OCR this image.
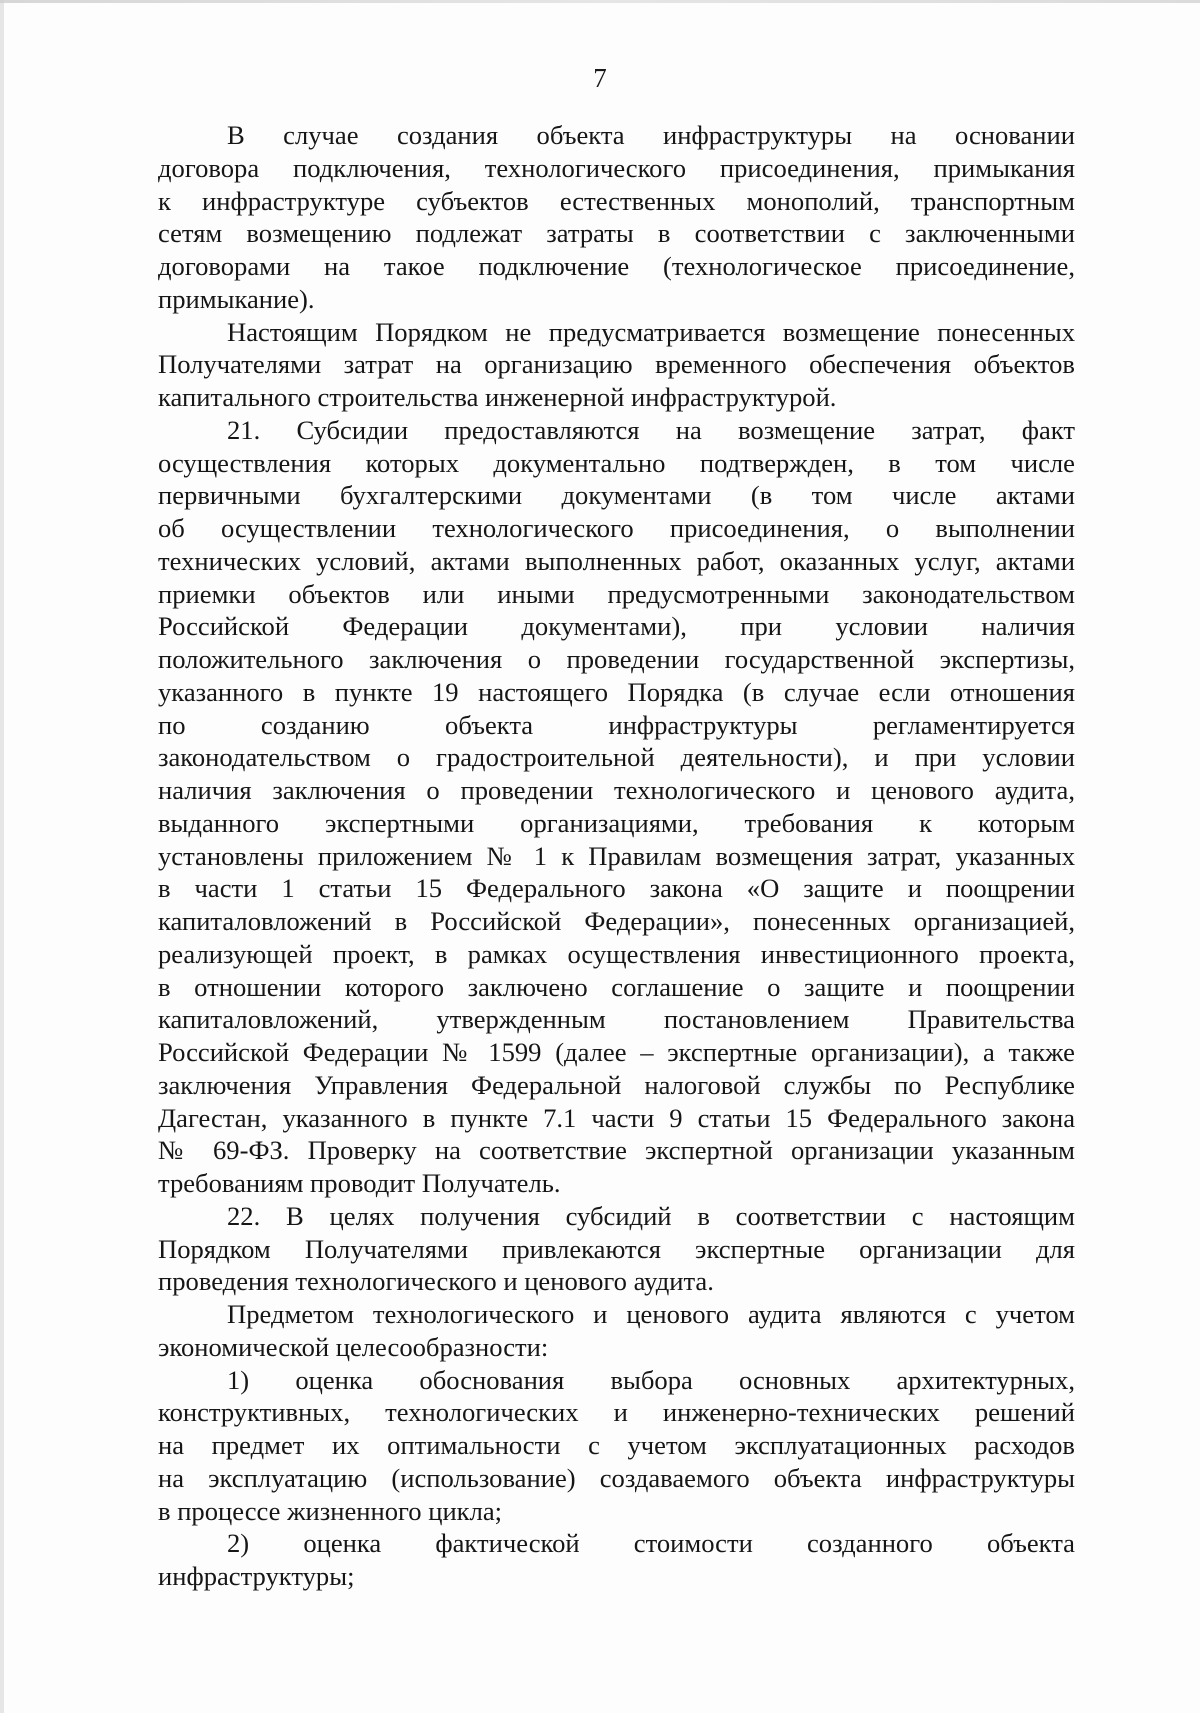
7
В случае создания объекта инфраструктуры на основании
договора подключения, технологического присоединения, примыкания
к инфраструктуре субъектов естественных монополий, транспортным
сетям возмещению подлежат затраты в соответствии с заключенными
договорами на такое подключение (технологическое присоединение,
примыкание).
Настоящим Порядком не предусматривается возмещение понесенных
Получателями затрат на организацию временного обеспечения объектов
капитального строительства инженерной инфраструктурой.
21. Субсидии предоставляются на возмещение затрат, факт
осуществления которых документально подтвержден, в том числе
первичными бухгалтерскими документами (в том числе актами
об осуществлении технологического присоединения, о выполнении
технических условий, актами выполненных работ, оказанных услуг, актами
приемки объектов или иными предусмотренными законодательством
Российской Федерации документами), при условии наличия
положительного заключения о проведении государственной экспертизы,
указанного в пункте 19 настоящего Порядка (в случае если отношения
по созданию объекта инфраструктуры регламентируется
законодательством о градостроительной деятельности), и при условии
наличия заключения о проведении технологического и ценового аудита,
выданного экспертными организациями, требования к которым
установлены приложением № 1 к Правилам возмещения затрат, указанных
в части 1 статьи 15 Федерального закона «О защите и поощрении
капиталовложений в Российской Федерации», понесенных организацией,
реализующей проект, в рамках осуществления инвестиционного проекта,
в отношении которого заключено соглашение о защите и поощрении
капиталовложений, утвержденным постановлением Правительства
Российской Федерации № 1599 (далее – экспертные организации), а также
заключения Управления Федеральной налоговой службы по Республике
Дагестан, указанного в пункте 7.1 части 9 статьи 15 Федерального закона
№ 69-ФЗ. Проверку на соответствие экспертной организации указанным
требованиям проводит Получатель.
22. В целях получения субсидий в соответствии с настоящим
Порядком Получателями привлекаются экспертные организации для
проведения технологического и ценового аудита.
Предметом технологического и ценового аудита являются с учетом
экономической целесообразности:
1) оценка обоснования выбора основных архитектурных,
конструктивных, технологических и инженерно-технических решений
на предмет их оптимальности с учетом эксплуатационных расходов
на эксплуатацию (использование) создаваемого объекта инфраструктуры
в процессе жизненного цикла;
2) оценка фактической стоимости созданного объекта
инфраструктуры;
